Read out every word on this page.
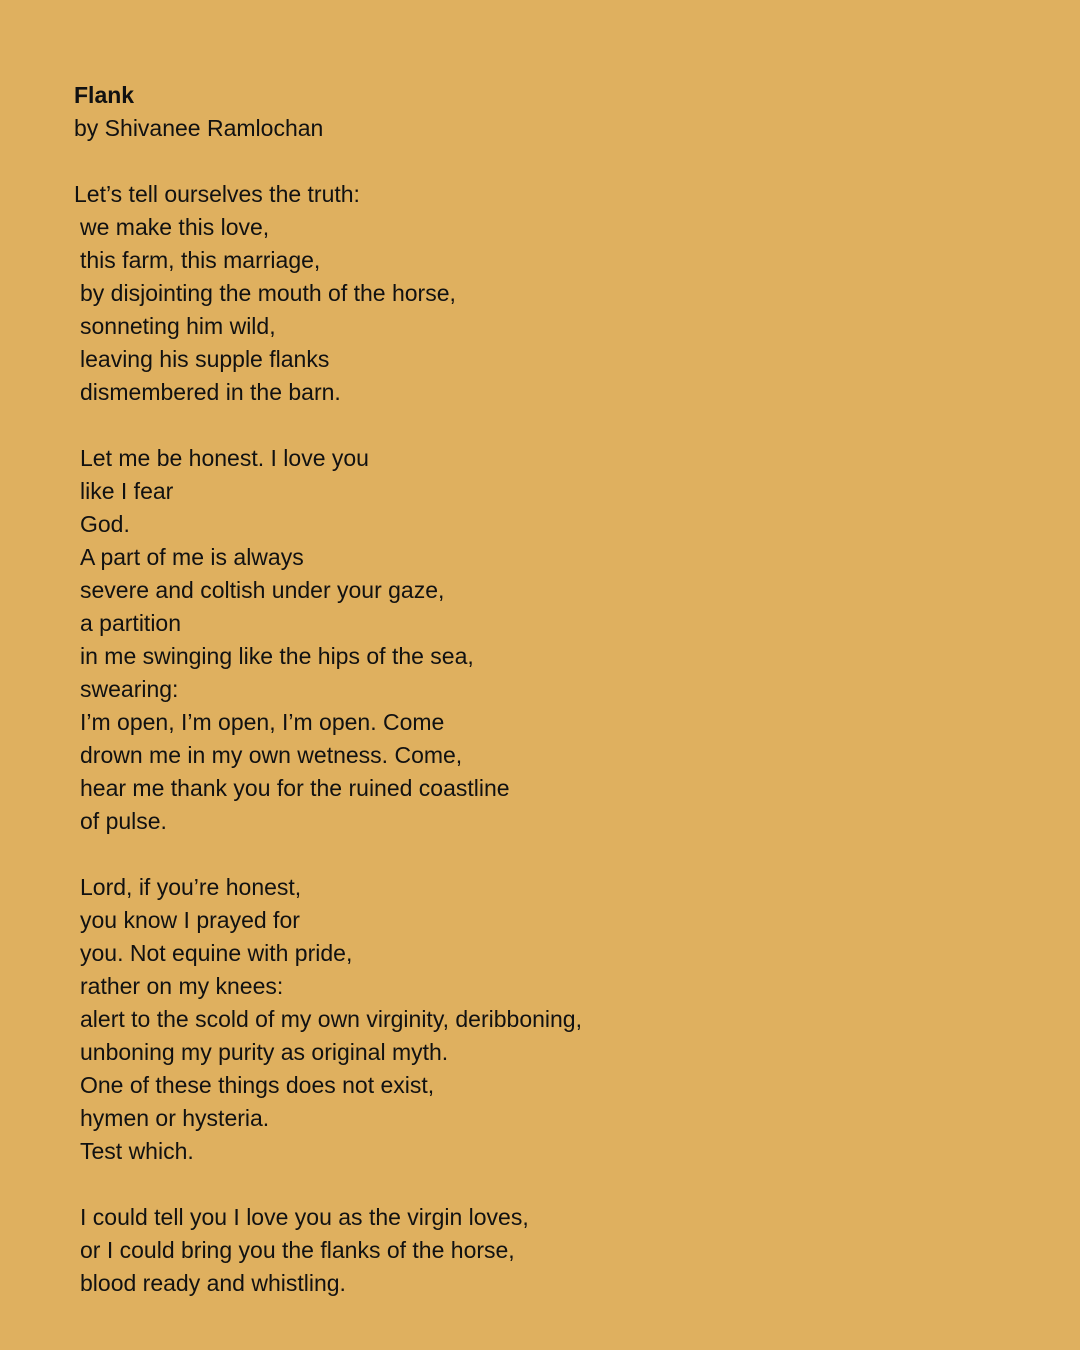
Flank

by Shivanee Ramlochan

Let’s tell ourselves the truth:
we make this love,
this farm, this marriage,
by disjointing the mouth of the horse,
sonneting him wild,
leaving his supple flanks
dismembered in the barn.
Let me be honest. I love you
like I fear
God.
A part of me is always
severe and coltish under your gaze,
a partition
in me swinging like the hips of the sea,
swearing:
I’m open, I’m open, I’m open. Come
drown me in my own wetness. Come,
hear me thank you for the ruined coastline
of pulse.
Lord, if you’re honest,
you know I prayed for
you. Not equine with pride,
rather on my knees:
alert to the scold of my own virginity, deribboning,
unboning my purity as original myth.
One of these things does not exist,
hymen or hysteria.
Test which.
I could tell you I love you as the virgin loves,
or I could bring you the flanks of the horse,
blood ready and whistling.
